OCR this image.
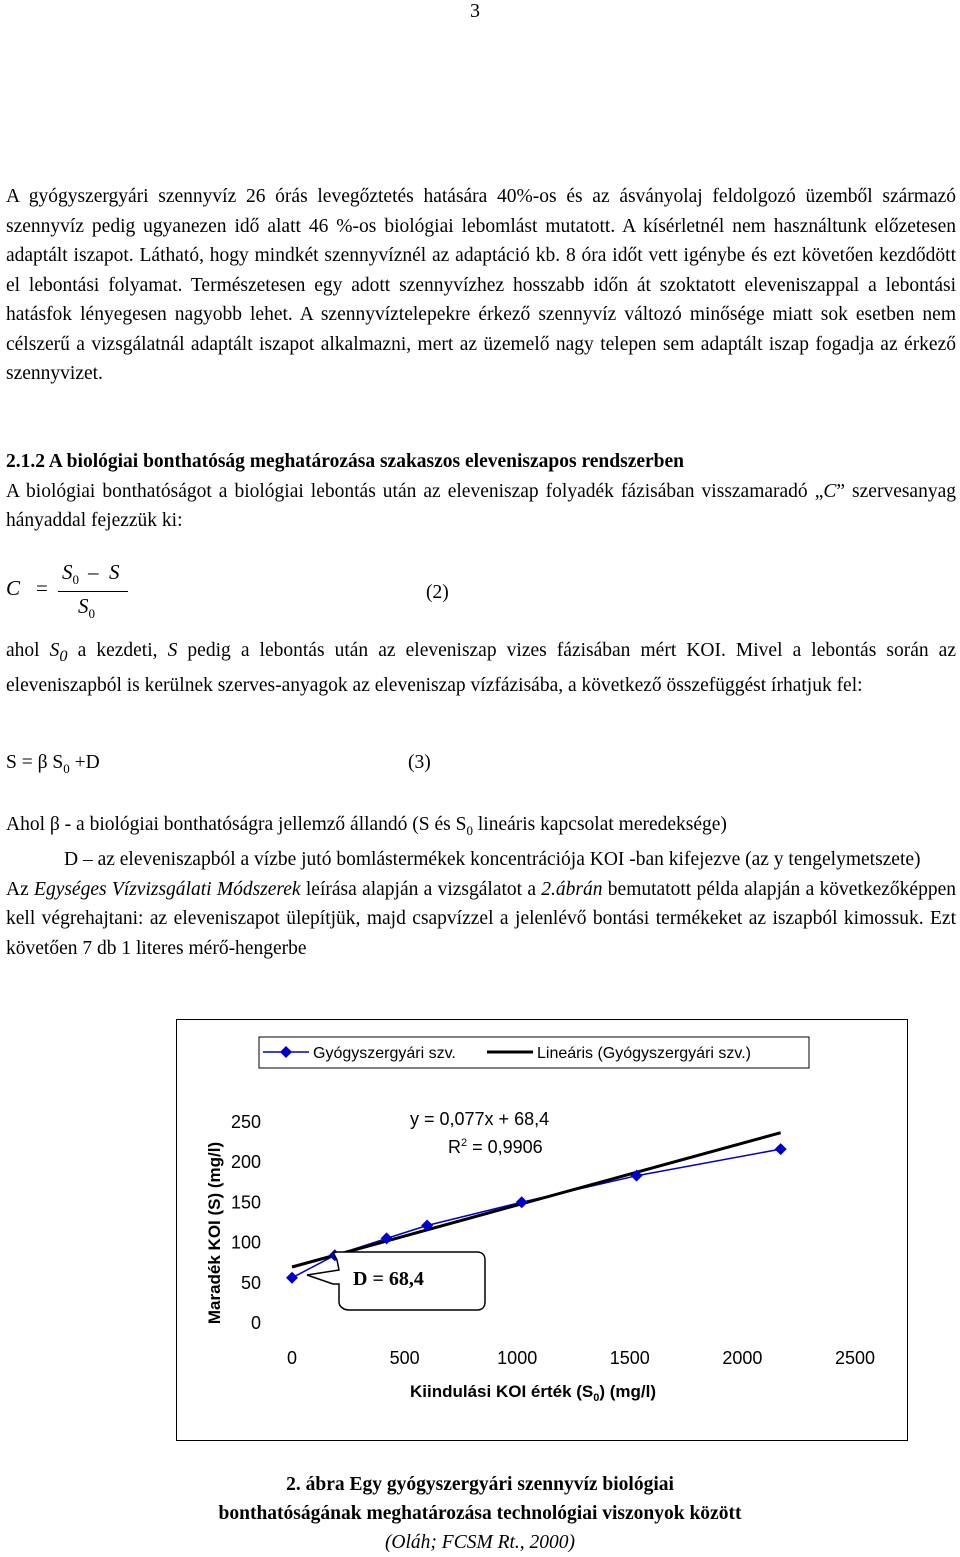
3

A gyógyszergyári szennyvíz 26 órás levegőztetés hatására 40%-os és az ásványolaj feldolgozó üzemből származó szennyvíz pedig ugyanezen idő alatt 46 %-os biológiai lebomlást mutatott. A kísérletnél nem használtunk előzetesen adaptált iszapot. Látható, hogy mindkét szennyvíznél az adaptáció kb. 8 óra időt vett igénybe és ezt követően kezdődött el lebontási folyamat. Természetesen egy adott szennyvízhez hosszabb időn át szoktatott eleveniszappal a lebontási hatásfok lényegesen nagyobb lehet. A szennyvíztelepekre érkező szennyvíz változó minősége miatt sok esetben nem célszerű a vizsgálatnál adaptált iszapot alkalmazni, mert az üzemelő nagy telepen sem adaptált iszap fogadja az érkező szennyvizet.

2.1.2 A biológiai bonthatóság meghatározása szakaszos eleveniszapos rendszerben
A biológiai bonthatóságot a biológiai lebontás után az eleveniszap folyadék fázisában visszamaradó „C” szervesanyag hányaddal fejezzük ki:
C =
$S_0$ – S
$S_0$
(2)

ahol $S_0$ a kezdeti, S pedig a lebontás után az eleveniszap vizes fázisában mért KOI. Mivel a lebontás során az eleveniszapból is kerülnek szerves-anyagok az eleveniszap vízfázisába, a következő összefüggést írhatjuk fel:

S = β $S_0 +D$	(3)
Ahol β - a biológiai bonthatóságra jellemző állandó (S és $S_0$ lineáris kapcsolat meredeksége)

D – az eleveniszapból a vízbe jutó bomlástermékek koncentrációja KOI -ban kifejezve (az y tengelymetszete)
Az Egységes Vízvizsgálati Módszerek leírása alapján a vizsgálatot a 2.ábrán bemutatott példa alapján a következőképpen kell végrehajtani: az eleveniszapot ülepítjük, majd csapvízzel a jelenlévő bontási termékeket az iszapból kimossuk. Ezt követően 7 db 1 literes mérő-hengerbe
Gyógyszergyári szv.	Lineáris (Gyógyszergyári szv.)
0
50
100
150
200
250
0	500	1000	1500	2000	2500
y = 0,077x + 68,4
$R^2 = 0,9906$
D = 68,4
Kiindulási KOI érték $(S_0)$ (mg/l)
Maradék KOI (S) (mg/l)
2. ábra Egy gyógyszergyári szennyvíz biológiai
bonthatóságának meghatározása technológiai viszonyok között
(Oláh; FCSM Rt., 2000)
